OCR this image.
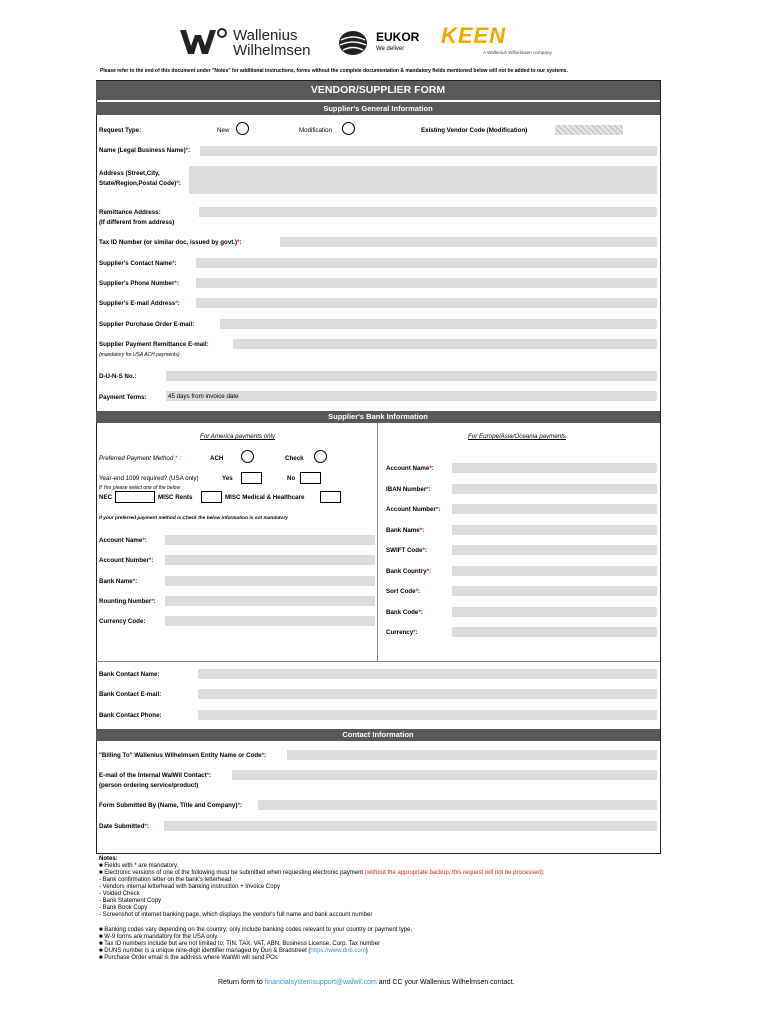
Wallenius
Wilhelmsen
EUKOR
We deliver
KEEN
A Wallenius Wilhelmsen company
Please refer to the end of this document under "Notes" for additional instructions, forms without the complete documentation & mandatory fields mentioned below will not be added to our systems.
VENDOR/SUPPLIER FORM
Supplier's General Information
Request Type:	New	Modification	Existing Vendor Code (Modification)
Name (Legal Business Name)*:
Address (Street,City,
State/Region,Postal Code)*:
Remittance Address:
(If different from address)
Tax ID Number (or similar doc. issued by govt.)*:
Supplier's Contact Name*:
Supplier's Phone Number*:
Supplier's E-mail Address*:
Supplier Purchase Order E-mail:
Supplier Payment Remittance E-mail:
(mandatory for USA ACH payments)
D-U-N-S No.:
Payment Terms:	45 days from invoice date
Supplier's Bank Information
For America payments only	For Europe/Asia/Oceania payments
Preferred Payment Method * :	ACH	Check
Year-end 1099 required? (USA only)	Yes	No
If Yes please select one of the below
NEC	MISC Rents	MISC Medical & Healthcare
If your preferred payment method is Check the below information is not mandatory
Account Name*:
Account Number*:
Bank Name*:
Rounting Number*:
Currency Code:
Account Name*:
IBAN Number*:
Account Number*:
Bank Name*:
SWIFT Code*:
Bank Country*:
Sort Code*:
Bank Code*:
Currency*:
Bank Contact Name:
Bank Contact E-mail:
Bank Contact Phone:
Contact Information
"Billing To" Wallenius Wilhelmsen Entity Name or Code*:
E-mail of the Internal WalWil Contact*:
(person ordering service/product)
Form Submitted By (Name, Title and Company)*:
Date Submitted*:
Notes:
■ Fields with * are mandatory.
■ Electronic versions of one of the following must be submitted when requesting electronic payment (without the appropriate backup, this request will not be processed):
- Bank confirmation letter on the bank's letterhead
- Vendors internal letterhead with banking instruction + Invoice Copy
- Voided Check
- Bank Statement Copy
- Bank Book Copy
- Screenshot of internet banking page, which displays the vendor's full name and bank account number
■ Banking codes vary depending on the country; only include banking codes relevant to your country or payment type.
■ W-9 forms are mandatory for the USA only.
■ Tax ID numbers include but are not limited to: TIN, TAX, VAT, ABN, Business License, Corp. Tax number
■ DUNS number is a unique nine-digit identifier managed by Dun & Bradstreet (https://www.dnb.com)
■ Purchase Order email is the address where WalWil will send POs
Return form to financialsystemsupport@walwil.com and CC your Wallenius Wilhelmsen contact.
